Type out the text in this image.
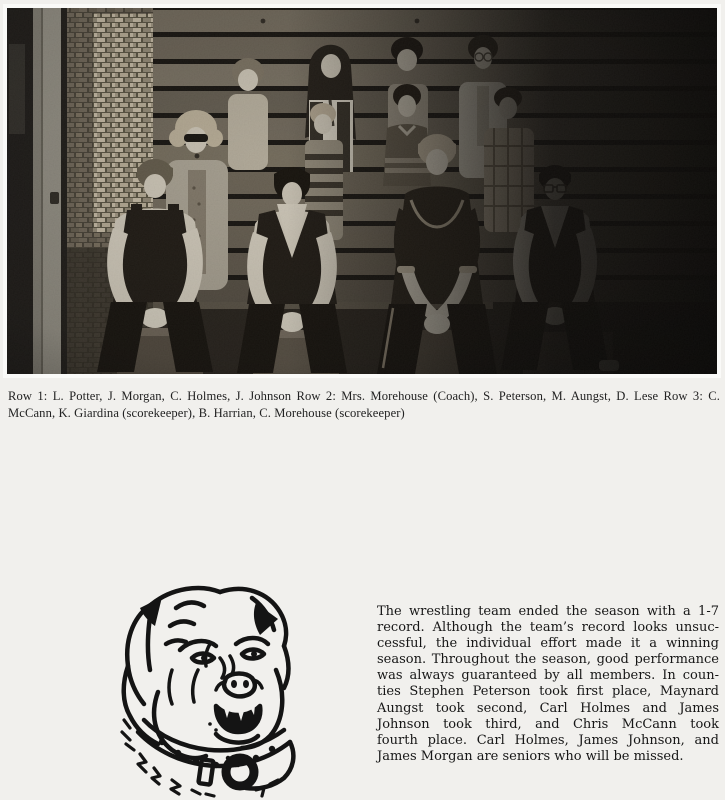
Row 1: L. Potter, J. Morgan, C. Holmes, J. Johnson Row 2: Mrs. Morehouse (Coach), S. Peterson, M. Aungst, D. Lese Row 3: C.
McCann, K. Giardina (scorekeeper), B. Harrian, C. Morehouse (scorekeeper)
The wrestling team ended the season with a 1-7
record. Although the team’s record looks unsuc-
cessful, the individual effort made it a winning
season. Throughout the season, good performance
was always guaranteed by all members. In coun-
ties Stephen Peterson took first place, Maynard
Aungst took second, Carl Holmes and James
Johnson took third, and Chris McCann took
fourth place. Carl Holmes, James Johnson, and
James Morgan are seniors who will be missed.
